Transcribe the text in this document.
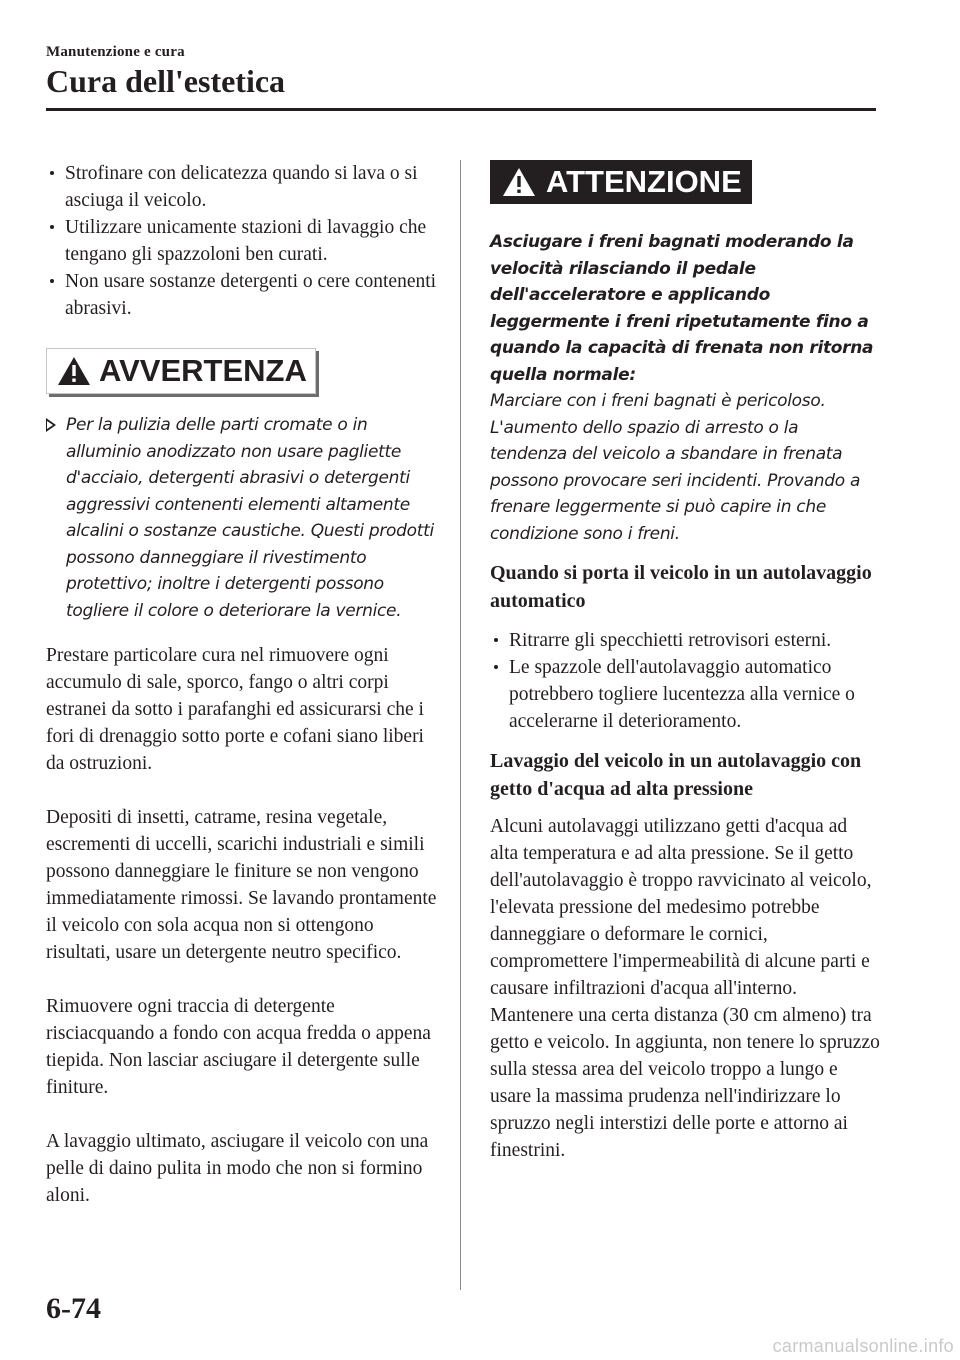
Manutenzione e cura
Cura dell'estetica
Strofinare con delicatezza quando si lava o si asciuga il veicolo.
Utilizzare unicamente stazioni di lavaggio che tengano gli spazzoloni ben curati.
Non usare sostanze detergenti o cere contenenti abrasivi.
AVVERTENZA
Per la pulizia delle parti cromate o in alluminio anodizzato non usare pagliette d'acciaio, detergenti abrasivi o detergenti aggressivi contenenti elementi altamente alcalini o sostanze caustiche. Questi prodotti possono danneggiare il rivestimento protettivo; inoltre i detergenti possono togliere il colore o deteriorare la vernice.

Prestare particolare cura nel rimuovere ogni accumulo di sale, sporco, fango o altri corpi estranei da sotto i parafanghi ed assicurarsi che i fori di drenaggio sotto porte e cofani siano liberi da ostruzioni.

Depositi di insetti, catrame, resina vegetale, escrementi di uccelli, scarichi industriali e simili possono danneggiare le finiture se non vengono immediatamente rimossi. Se lavando prontamente il veicolo con sola acqua non si ottengono risultati, usare un detergente neutro specifico.

Rimuovere ogni traccia di detergente risciacquando a fondo con acqua fredda o appena tiepida. Non lasciar asciugare il detergente sulle finiture.

A lavaggio ultimato, asciugare il veicolo con una pelle di daino pulita in modo che non si formino aloni.

ATTENZIONE

Asciugare i freni bagnati moderando la velocità rilasciando il pedale dell'acceleratore e applicando leggermente i freni ripetutamente fino a quando la capacità di frenata non ritorna quella normale:

Marciare con i freni bagnati è pericoloso. L'aumento dello spazio di arresto o la tendenza del veicolo a sbandare in frenata possono provocare seri incidenti. Provando a frenare leggermente si può capire in che condizione sono i freni.

Quando si porta il veicolo in un autolavaggio automatico

Ritrarre gli specchietti retrovisori esterni.
Le spazzole dell'autolavaggio automatico potrebbero togliere lucentezza alla vernice o accelerarne il deterioramento.

Lavaggio del veicolo in un autolavaggio con getto d'acqua ad alta pressione

Alcuni autolavaggi utilizzano getti d'acqua ad alta temperatura e ad alta pressione. Se il getto dell'autolavaggio è troppo ravvicinato al veicolo, l'elevata pressione del medesimo potrebbe danneggiare o deformare le cornici, compromettere l'impermeabilità di alcune parti e causare infiltrazioni d'acqua all'interno. Mantenere una certa distanza (30 cm almeno) tra getto e veicolo. In aggiunta, non tenere lo spruzzo sulla stessa area del veicolo troppo a lungo e usare la massima prudenza nell'indirizzare lo spruzzo negli interstizi delle porte e attorno ai finestrini.

6-74
carmanualsonline.info
